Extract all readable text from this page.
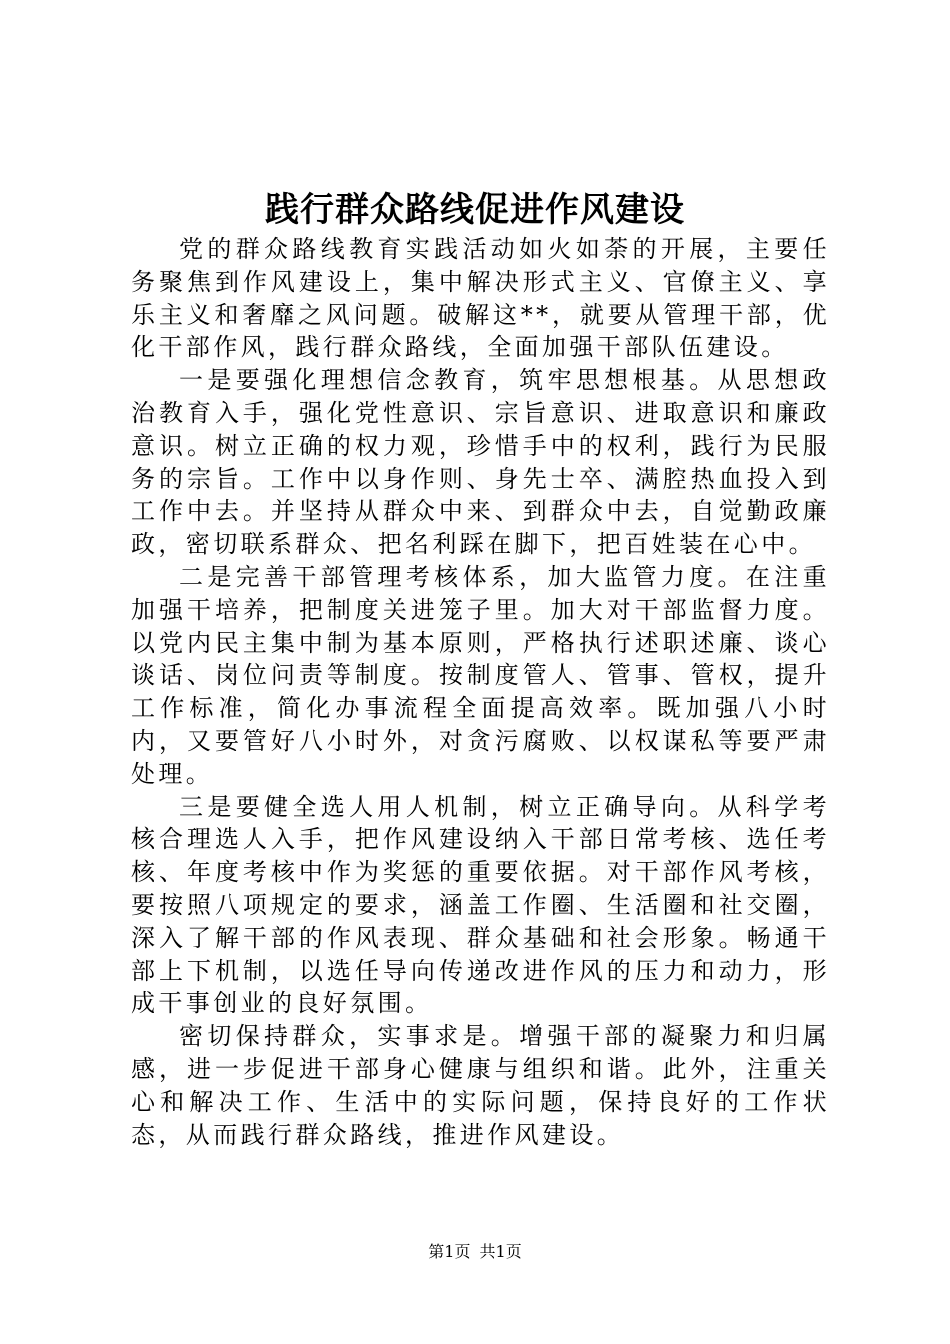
践行群众路线促进作风建设

党的群众路线教育实践活动如火如荼的开展，主要任务聚焦到作风建设上，集中解决形式主义、官僚主义、享乐主义和奢靡之风问题。破解这**，就要从管理干部，优化干部作风，践行群众路线，全面加强干部队伍建设。

一是要强化理想信念教育，筑牢思想根基。从思想政治教育入手，强化党性意识、宗旨意识、进取意识和廉政意识。树立正确的权力观，珍惜手中的权利，践行为民服务的宗旨。工作中以身作则、身先士卒、满腔热血投入到工作中去。并坚持从群众中来、到群众中去，自觉勤政廉政，密切联系群众、把名利踩在脚下，把百姓装在心中。

二是完善干部管理考核体系，加大监管力度。在注重加强干培养，把制度关进笼子里。加大对干部监督力度。以党内民主集中制为基本原则，严格执行述职述廉、谈心谈话、岗位问责等制度。按制度管人、管事、管权，提升工作标准，简化办事流程全面提高效率。既加强八小时内，又要管好八小时外，对贪污腐败、以权谋私等要严肃处理。

三是要健全选人用人机制，树立正确导向。从科学考核合理选人入手，把作风建设纳入干部日常考核、选任考核、年度考核中作为奖惩的重要依据。对干部作风考核，要按照八项规定的要求，涵盖工作圈、生活圈和社交圈，深入了解干部的作风表现、群众基础和社会形象。畅通干部上下机制，以选任导向传递改进作风的压力和动力，形成干事创业的良好氛围。

密切保持群众，实事求是。增强干部的凝聚力和归属感，进一步促进干部身心健康与组织和谐。此外，注重关心和解决工作、生活中的实际问题，保持良好的工作状态，从而践行群众路线，推进作风建设。

第1页 共1页
